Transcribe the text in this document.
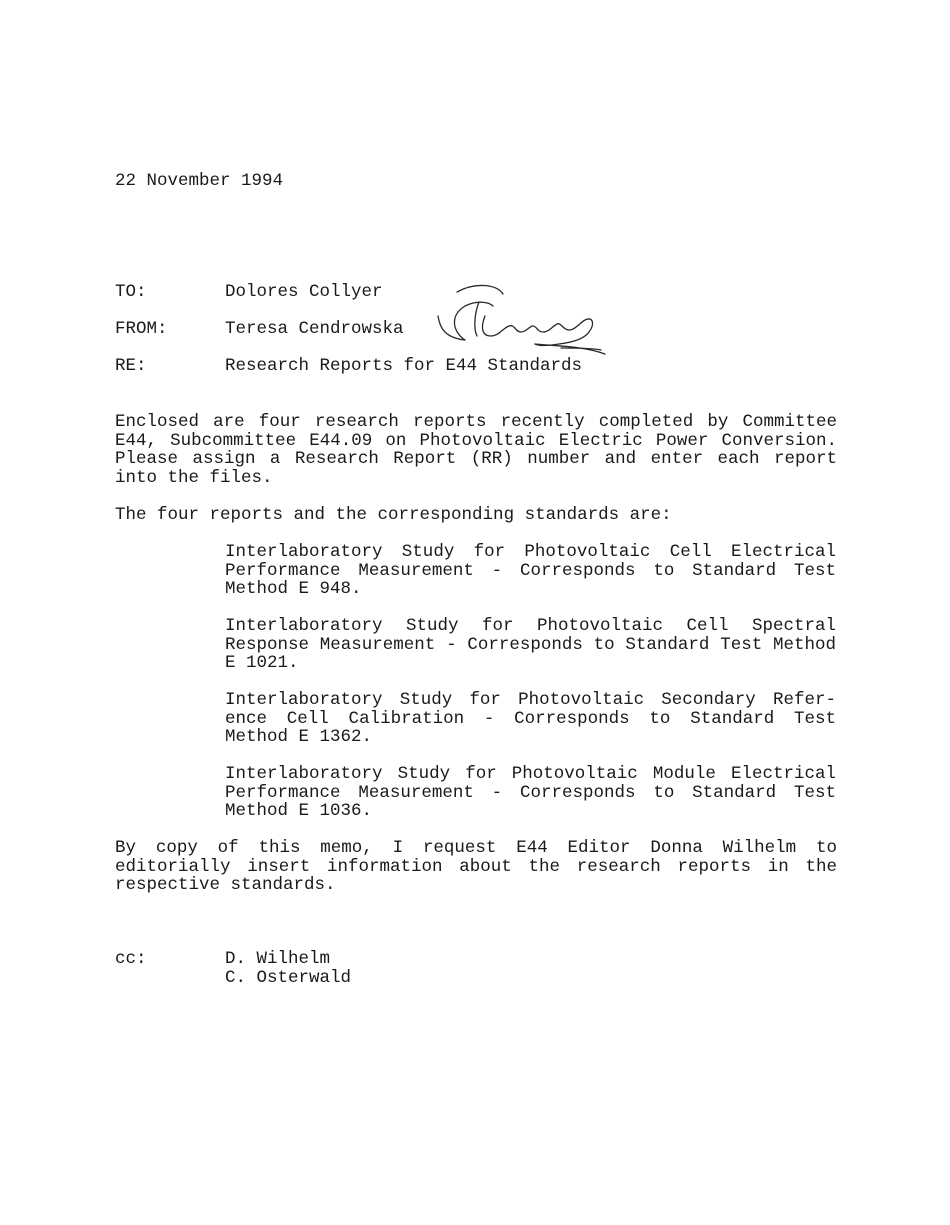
22 November 1994
TO:	Dolores Collyer
FROM:	Teresa Cendrowska
RE:	Research Reports for E44 Standards
Enclosed are four research reports recently completed by Committee E44, Subcommittee E44.09 on Photovoltaic Electric Power Conversion. Please assign a Research Report (RR) number and enter each report into the files.
The four reports and the corresponding standards are:
Interlaboratory Study for Photovoltaic Cell Electrical Performance Measurement - Corresponds to Standard Test Method E 948.
Interlaboratory Study for Photovoltaic Cell Spectral Response Measurement - Corresponds to Standard Test Method E 1021.
Interlaboratory Study for Photovoltaic Secondary Refer-ence Cell Calibration - Corresponds to Standard Test Method E 1362.
Interlaboratory Study for Photovoltaic Module Electrical Performance Measurement - Corresponds to Standard Test Method E 1036.
By copy of this memo, I request E44 Editor Donna Wilhelm to editorially insert information about the research reports in the respective standards.
cc:	D. Wilhelm
C. Osterwald
